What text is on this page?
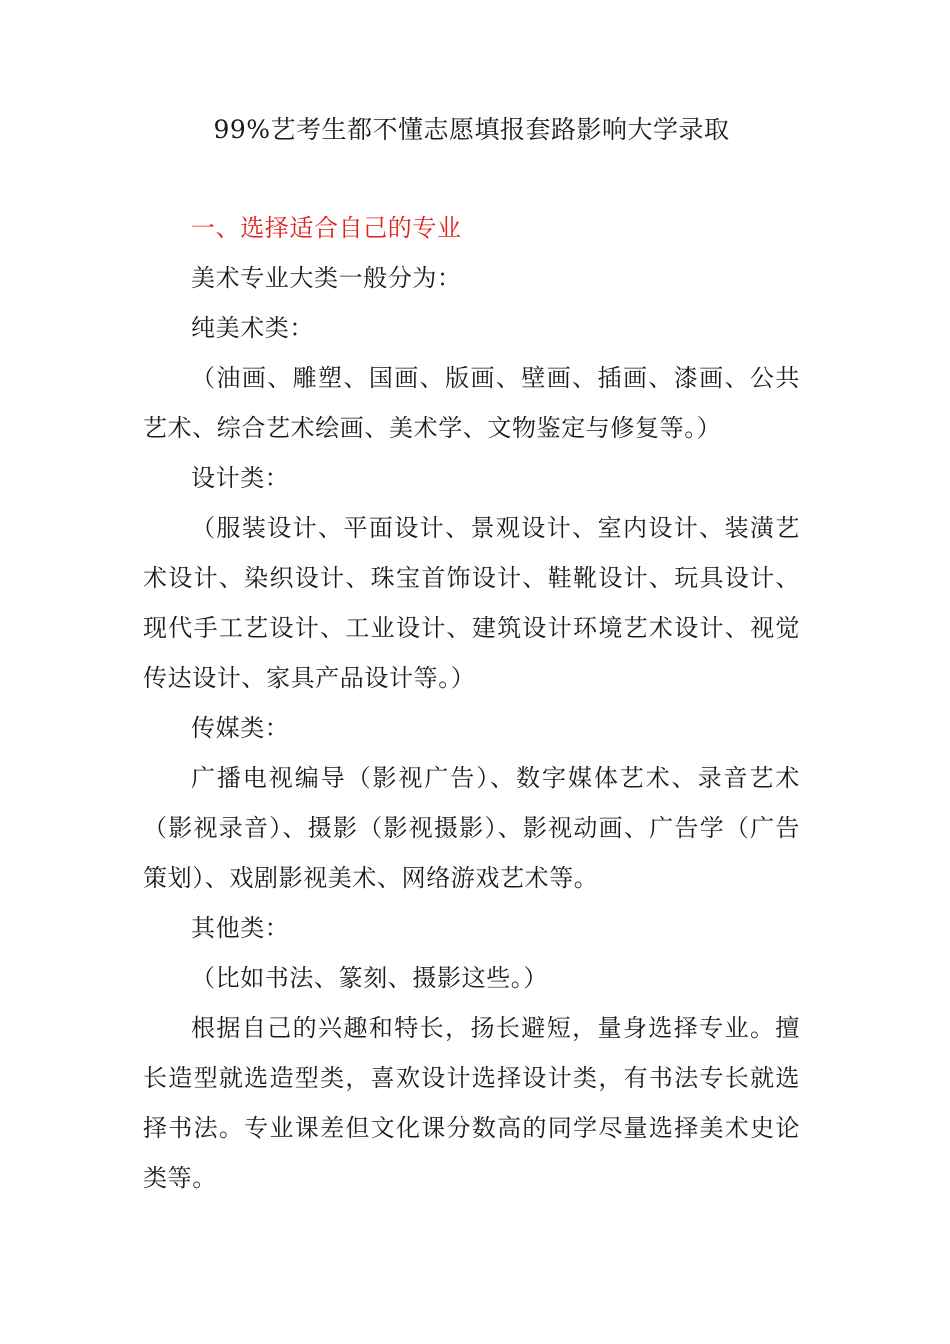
99%艺考生都不懂志愿填报套路影响大学录取

一、选择适合自己的专业

美术专业大类一般分为：

纯美术类：

（油画、雕塑、国画、版画、壁画、插画、漆画、公共艺术、综合艺术绘画、美术学、文物鉴定与修复等。）

设计类：

（服装设计、平面设计、景观设计、室内设计、装潢艺术设计、染织设计、珠宝首饰设计、鞋靴设计、玩具设计、现代手工艺设计、工业设计、建筑设计环境艺术设计、视觉传达设计、家具产品设计等。）

传媒类：

广播电视编导（影视广告）、数字媒体艺术、录音艺术（影视录音）、摄影（影视摄影）、影视动画、广告学（广告策划）、戏剧影视美术、网络游戏艺术等。

其他类：

（比如书法、篆刻、摄影这些。）

根据自己的兴趣和特长，扬长避短，量身选择专业。擅长造型就选造型类，喜欢设计选择设计类，有书法专长就选择书法。专业课差但文化课分数高的同学尽量选择美术史论类等。
